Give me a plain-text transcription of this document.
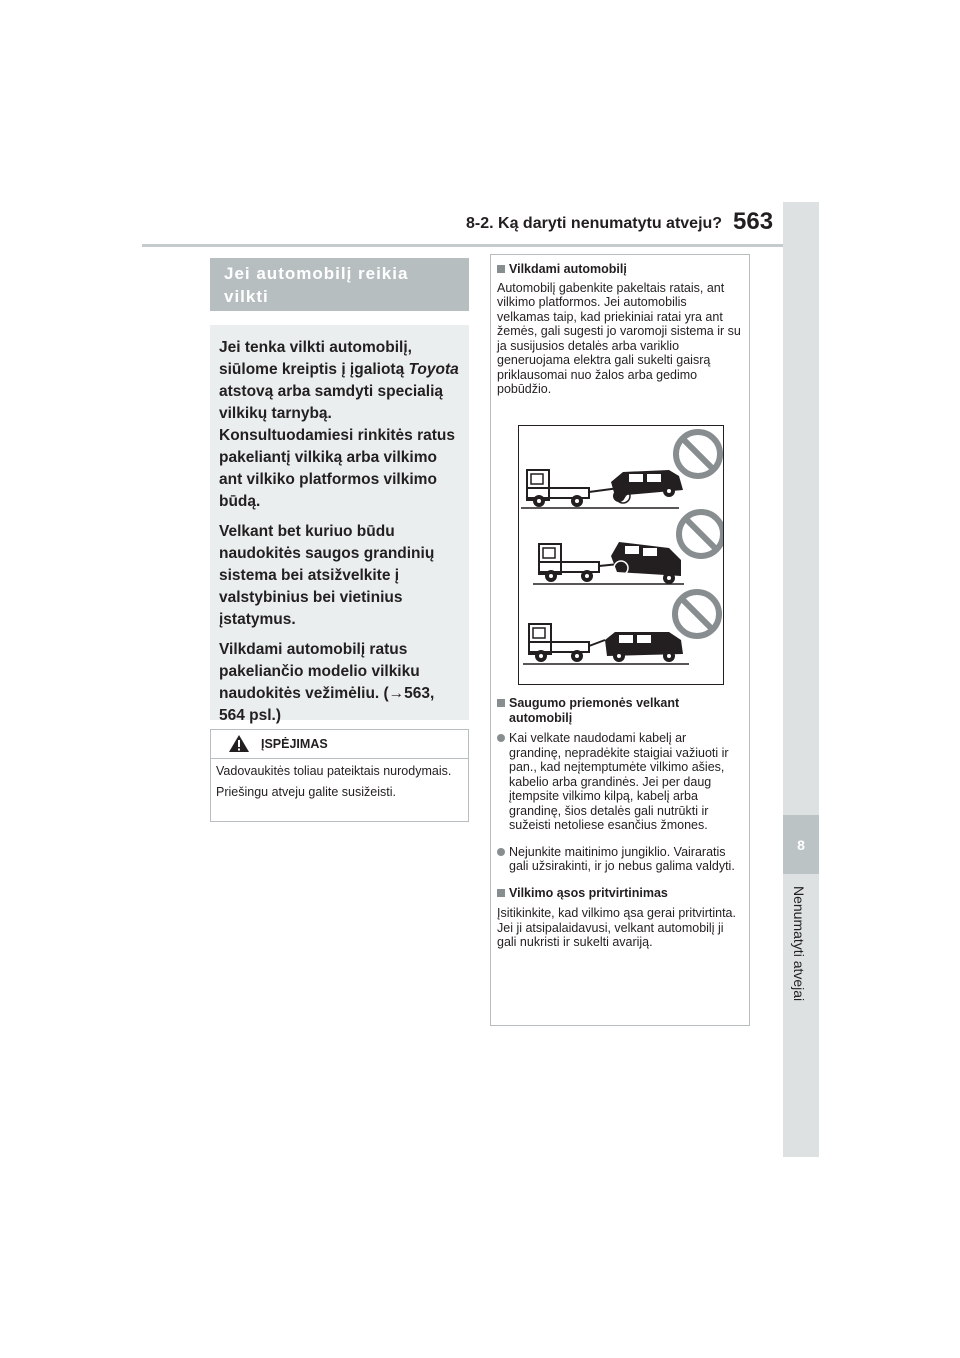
8-2. Ką daryti nenumatytu atveju? 563
8
Nenumatyti atvejai
Jei automobilį reikia vilkti

Jei tenka vilkti automobilį, siūlome kreiptis į įgaliotą Toyota atstovą arba samdyti specialią vilkikų tarnybą. Konsultuodamiesi rinkitės ratus pakeliantį vilkiką arba vilkimo ant vilkiko platformos vilkimo būdą.

Velkant bet kuriuo būdu naudokitės saugos grandinių sistema bei atsižvelkite į valstybinius bei vietinius įstatymus.

Vilkdami automobilį ratus pakeliančio modelio vilkiku naudokitės vežimėliu. (→563, 564 psl.)

ĮSPĖJIMAS

Vadovaukitės toliau pateiktais nurodymais.

Priešingu atveju galite susižeisti.

Vilkdami automobilį
Automobilį gabenkite pakeltais ratais, ant vilkimo platformos. Jei automobilis velkamas taip, kad priekiniai ratai yra ant žemės, gali sugesti jo varomoji sistema ir su ja susijusios detalės arba variklio generuojama elektra gali sukelti gaisrą priklausomai nuo žalos arba gedimo pobūdžio.
Saugumo priemonės velkant automobilį
Kai velkate naudodami kabelį ar grandinę, nepradėkite staigiai važiuoti ir pan., kad neįtemptumėte vilkimo ašies, kabelio arba grandinės. Jei per daug įtempsite vilkimo kilpą, kabelį arba grandinę, šios detalės gali nutrūkti ir sužeisti netoliese esančius žmones.
Nejunkite maitinimo jungiklio. Vairaratis gali užsirakinti, ir jo nebus galima valdyti.
Vilkimo ąsos pritvirtinimas
Įsitikinkite, kad vilkimo ąsa gerai pritvirtinta. Jei ji atsipalaidavusi, velkant automobilį ji gali nukristi ir sukelti avariją.
